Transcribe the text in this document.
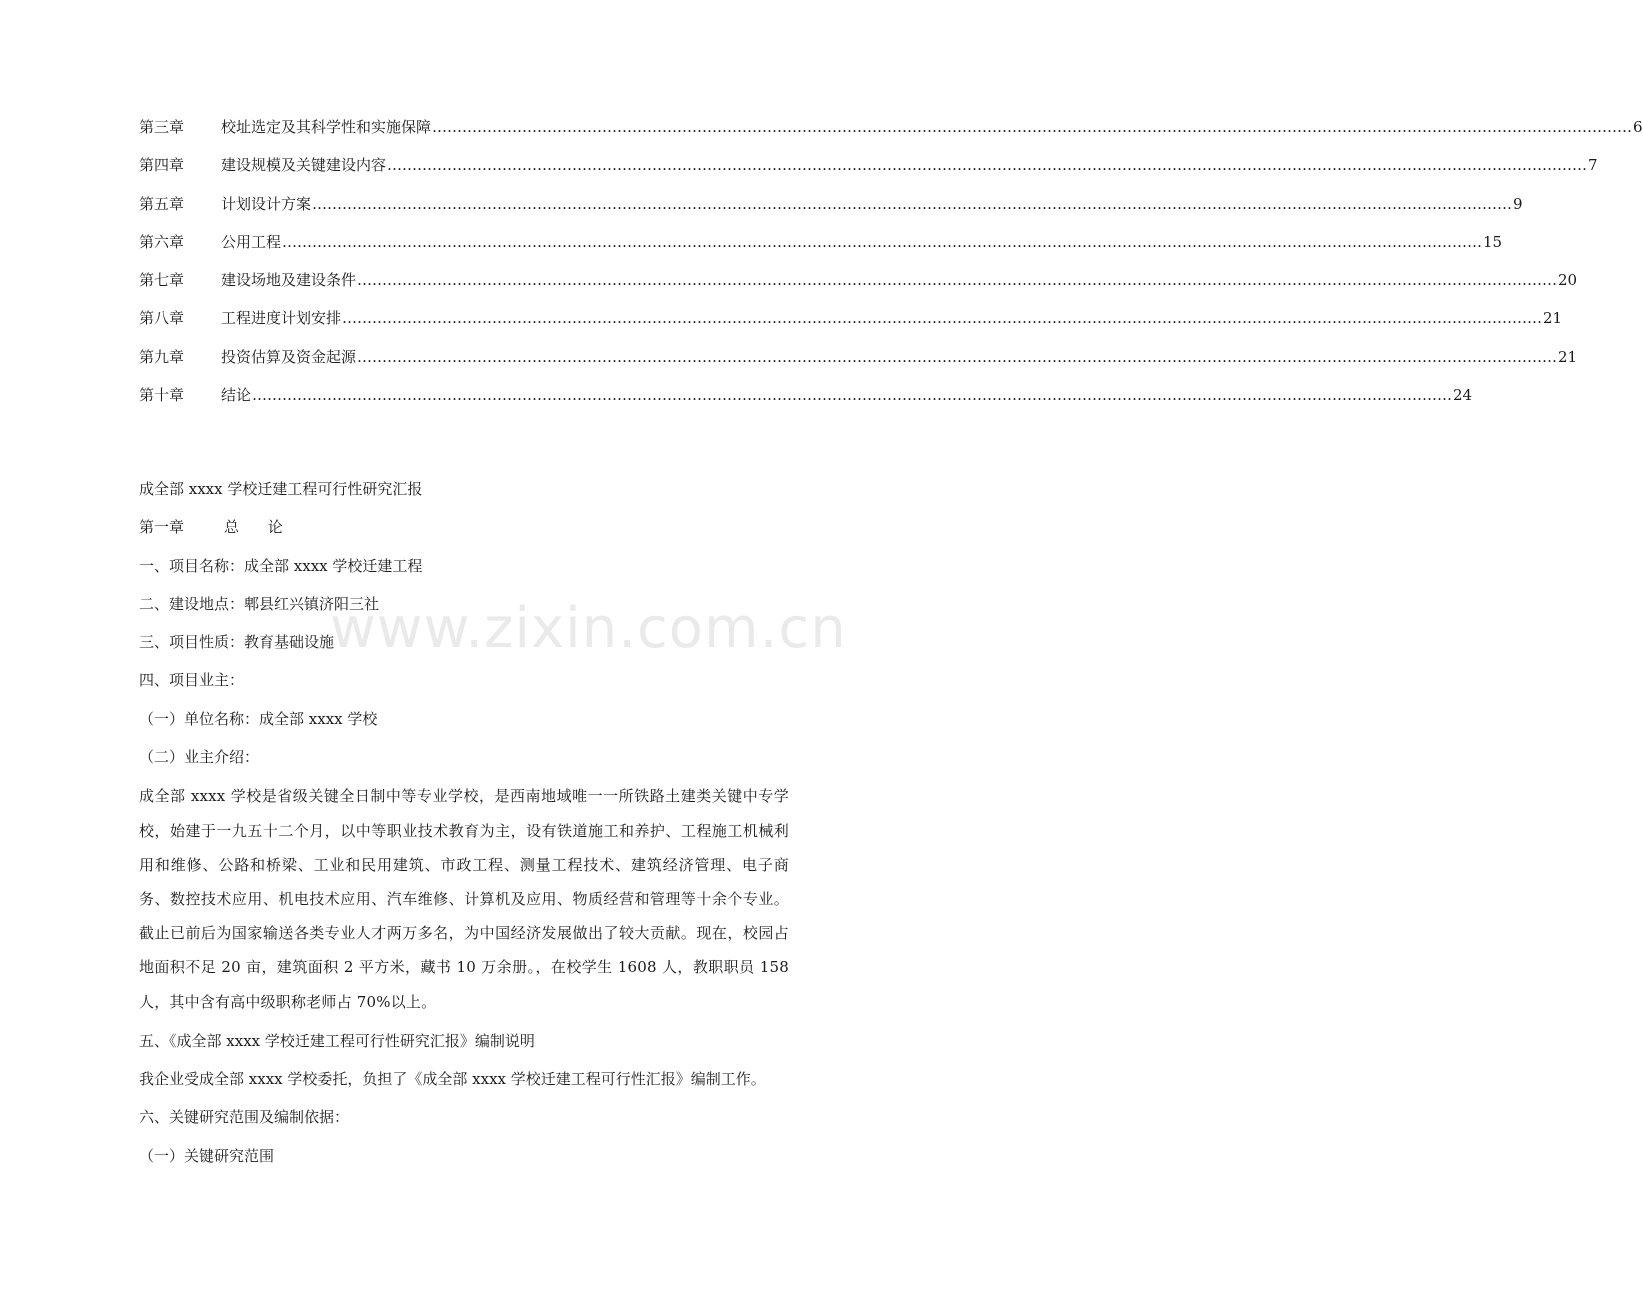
第三章	校址选定及其科学性和实施保障 …………………………………………………………………………………………………………………………………………………………………………………………………………………… 6
第四章	建设规模及关键建设内容 …………………………………………………………………………………………………………………………………………………………………………………………………………………… 7
第五章	计划设计方案 …………………………………………………………………………………………………………………………………………………………………………………………………………………… 9
第六章	公用工程 …………………………………………………………………………………………………………………………………………………………………………………………………………………… 15
第七章	建设场地及建设条件 …………………………………………………………………………………………………………………………………………………………………………………………………………………… 20
第八章	工程进度计划安排 …………………………………………………………………………………………………………………………………………………………………………………………………………………… 21
第九章	投资估算及资金起源 …………………………………………………………………………………………………………………………………………………………………………………………………………………… 21
第十章	结论 …………………………………………………………………………………………………………………………………………………………………………………………………………………… 24
成全部 xxxx 学校迁建工程可行性研究汇报
第一章	总 论
一、项目名称：成全部 xxxx 学校迁建工程
二、建设地点：郫县红兴镇济阳三社
三、项目性质：教育基础设施
四、项目业主：
（一）单位名称：成全部 xxxx 学校
（二）业主介绍：
成全部 xxxx 学校是省级关键全日制中等专业学校，是西南地域唯一一所铁路土建类关键中专学校，始建于一九五十二个月，以中等职业技术教育为主，设有铁道施工和养护、工程施工机械利用和维修、公路和桥梁、工业和民用建筑、市政工程、测量工程技术、建筑经济管理、电子商务、数控技术应用、机电技术应用、汽车维修、计算机及应用、物质经营和管理等十余个专业。截止已前后为国家输送各类专业人才两万多名，为中国经济发展做出了较大贡献。现在，校园占地面积不足 20 亩，建筑面积 2 平方米，藏书 10 万余册。，在校学生 1608 人，教职职员 158 人，其中含有高中级职称老师占 70%以上。
五、《成全部 xxxx 学校迁建工程可行性研究汇报》编制说明
我企业受成全部 xxxx 学校委托，负担了《成全部 xxxx 学校迁建工程可行性汇报》编制工作。
六、关键研究范围及编制依据：
（一）关键研究范围
www.zixin.com.cn
